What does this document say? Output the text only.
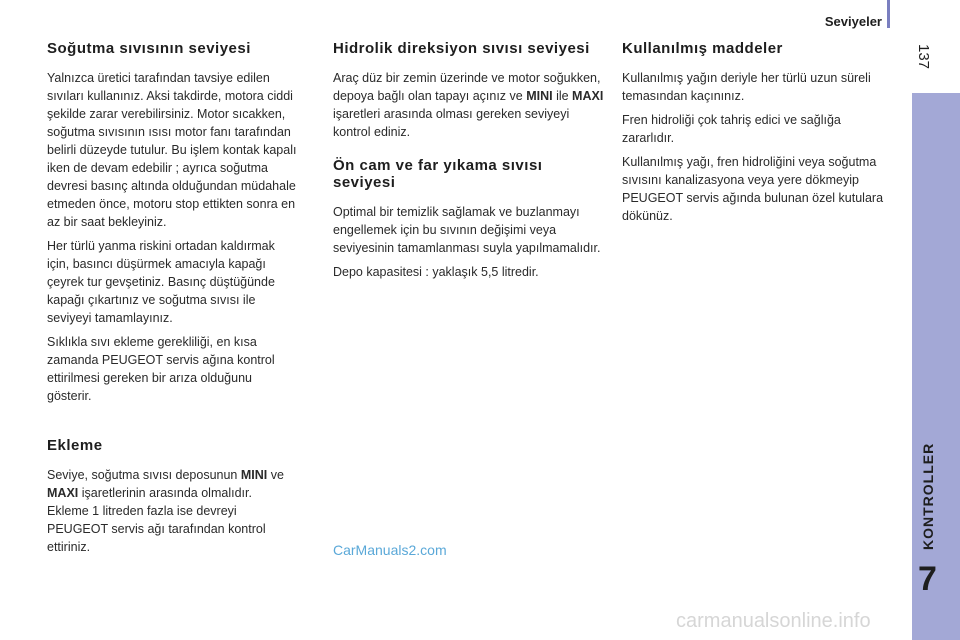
Seviyeler
137
KONTROLLER
7
Soğutma sıvısının seviyesi

Yalnızca üretici tarafından tavsiye edilen sıvıları kullanınız. Aksi takdirde, motora ciddi şekilde zarar verebilirsiniz. Motor sıcakken, soğutma sıvısının ısısı motor fanı tarafından belirli düzeyde tutulur. Bu işlem kontak kapalı iken de devam edebilir ; ayrıca soğutma devresi basınç altında olduğundan müdahale etmeden önce, motoru stop ettikten sonra en az bir saat bekleyiniz.

Her türlü yanma riskini ortadan kaldırmak için, basıncı düşürmek amacıyla kapağı çeyrek tur gevşetiniz. Basınç düştüğünde kapağı çıkartınız ve soğutma sıvısı ile seviyeyi tamamlayınız.

Sıklıkla sıvı ekleme gerekliliği, en kısa zamanda PEUGEOT servis ağına kontrol ettirilmesi gereken bir arıza olduğunu gösterir.

Ekleme

Seviye, soğutma sıvısı deposunun MINI ve MAXI işaretlerinin arasında olmalıdır. Ekleme 1 litreden fazla ise devreyi PEUGEOT servis ağı tarafından kontrol ettiriniz.

Hidrolik direksiyon sıvısı seviyesi

Araç düz bir zemin üzerinde ve motor soğukken, depoya bağlı olan tapayı açınız ve MINI ile MAXI işaretleri arasında olması gereken seviyeyi kontrol ediniz.

Ön cam ve far yıkama sıvısı seviyesi

Optimal bir temizlik sağlamak ve buzlanmayı engellemek için bu sıvının değişimi veya seviyesinin tamamlanması suyla yapılmamalıdır.

Depo kapasitesi : yaklaşık 5,5 litredir.

Kullanılmış maddeler

Kullanılmış yağın deriyle her türlü uzun süreli temasından kaçınınız.

Fren hidroliği çok tahriş edici ve sağlığa zararlıdır.

Kullanılmış yağı, fren hidroliğini veya soğutma sıvısını kanalizasyona veya yere dökmeyip PEUGEOT servis ağında bulunan özel kutulara dökünüz.

CarManuals2.com
carmanualsonline.info
